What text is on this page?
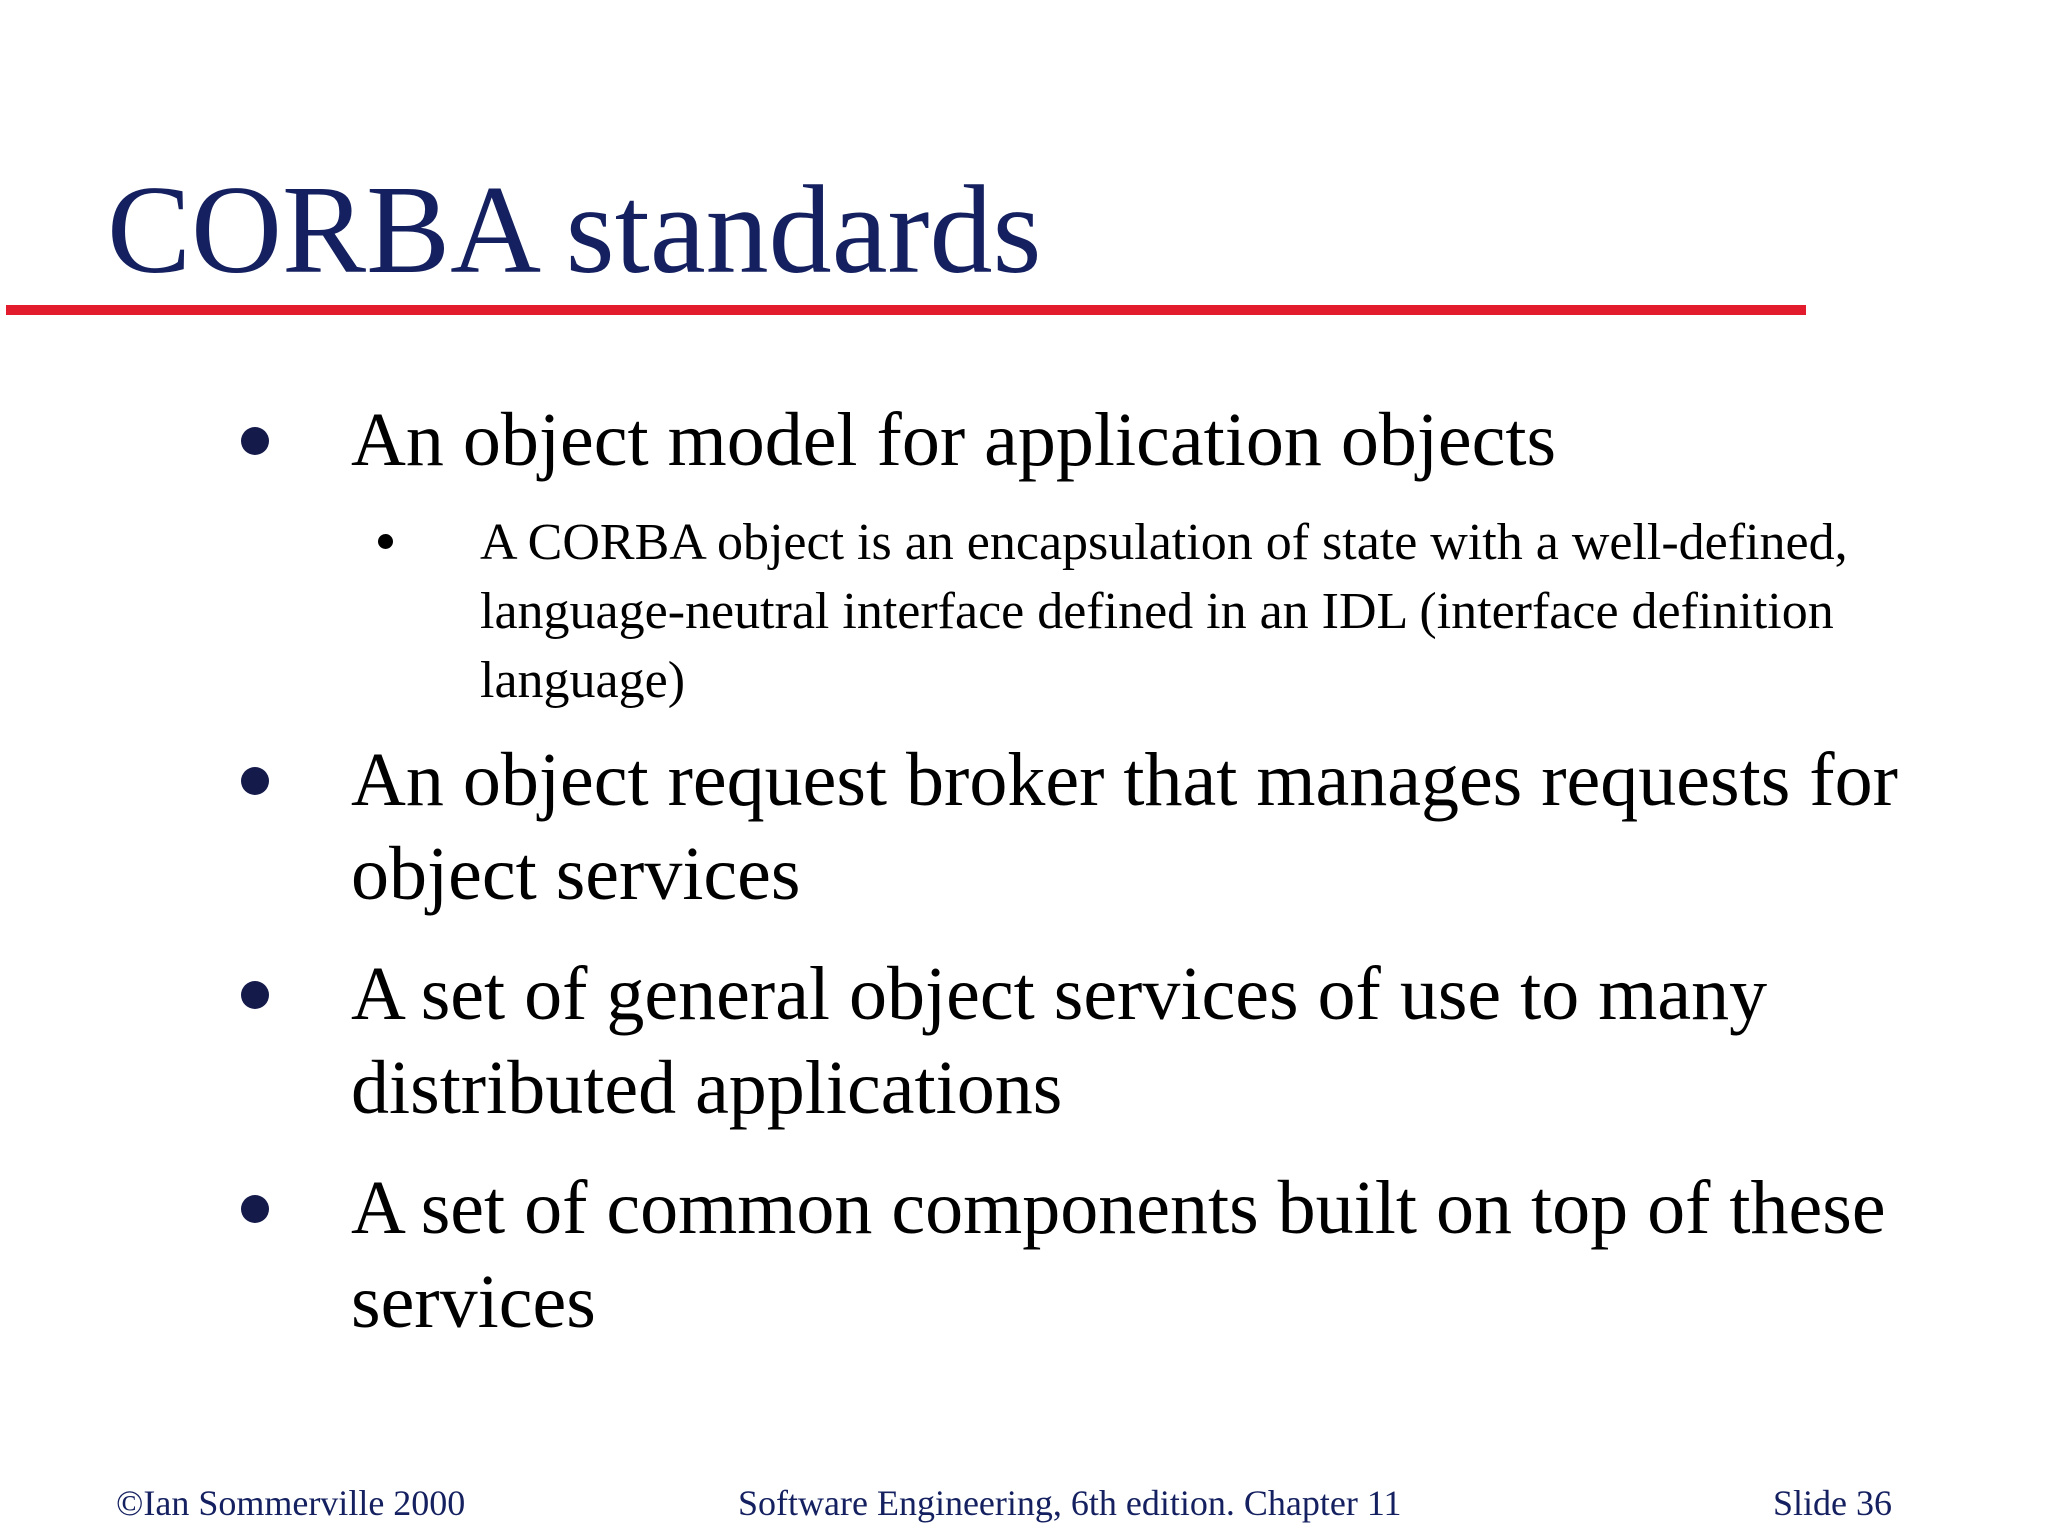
CORBA standards
An object model for application objects
A CORBA object is an encapsulation of state with a well-defined, language-neutral interface defined in an IDL (interface definition language)
An object request broker that manages requests for object services
A set of general object services of use to many distributed applications
A set of common components built on top of these services
©Ian Sommerville 2000	Software Engineering, 6th edition. Chapter 11	Slide 36
